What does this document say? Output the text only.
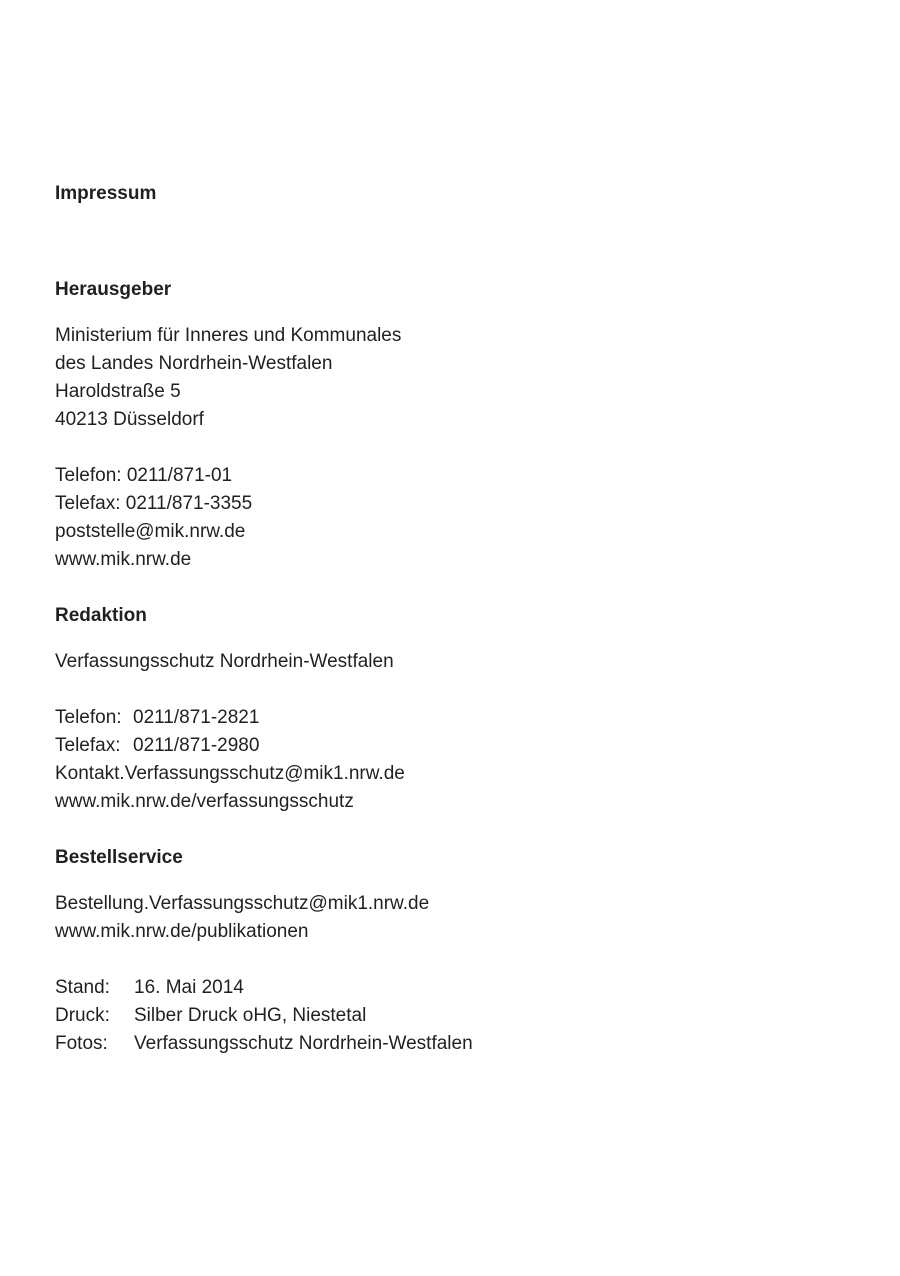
Impressum

Herausgeber

Ministerium für Inneres und Kommunales

des Landes Nordrhein-Westfalen

Haroldstraße 5

40213 Düsseldorf

Telefon: 0211/871-01

Telefax: 0211/871-3355

poststelle@mik.nrw.de

www.mik.nrw.de

Redaktion

Verfassungsschutz Nordrhein-Westfalen

Telefon: 0211/871-2821
Telefax: 0211/871-2980

Kontakt.Verfassungsschutz@mik1.nrw.de

www.mik.nrw.de/verfassungsschutz

Bestellservice

Bestellung.Verfassungsschutz@mik1.nrw.de

www.mik.nrw.de/publikationen

Stand:	16. Mai 2014
Druck:	Silber Druck oHG, Niestetal
Fotos:	Verfassungsschutz Nordrhein-Westfalen
